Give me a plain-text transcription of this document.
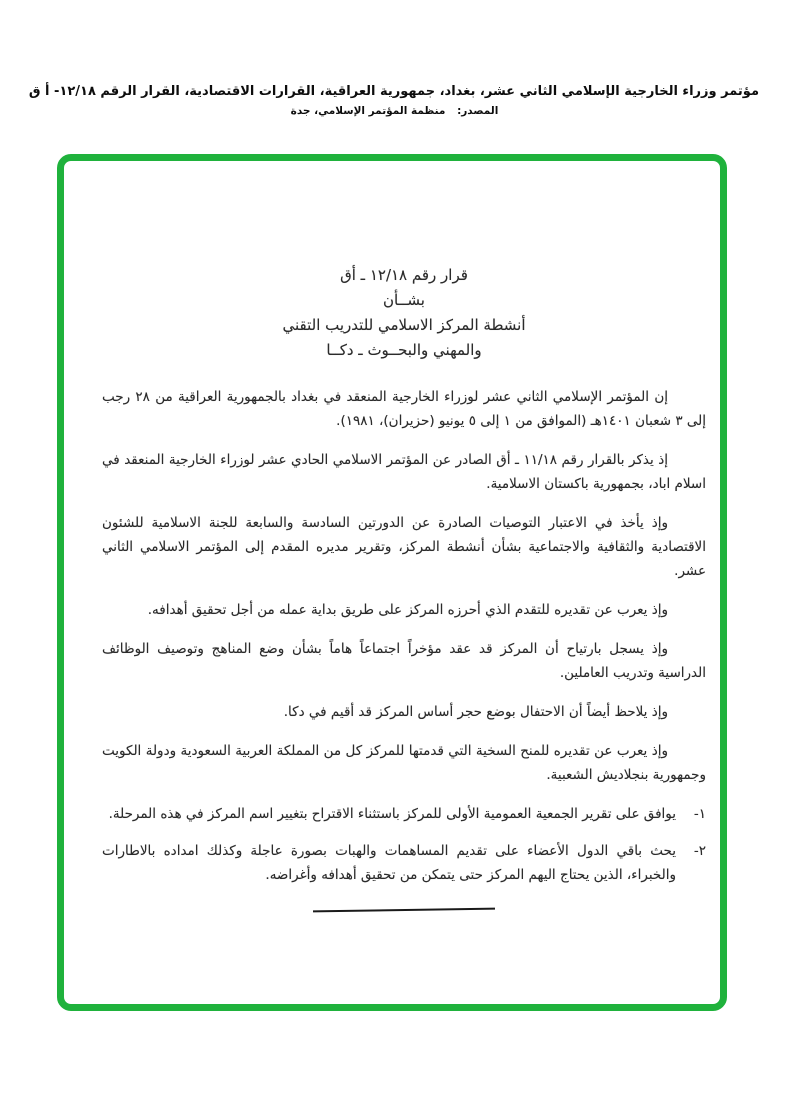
مؤتمر وزراء الخارجية الإسلامي الثاني عشر، بغداد، جمهورية العراقية، القرارات الاقتصادية، القرار الرقم ١٢/١٨- أ ق
المصدر: منظمة المؤتمر الإسلامي، جدة
قرار رقم ١٢/١٨ ـ أق
بشــأن
أنشطة المركز الاسلامي للتدريب التقني
والمهني والبحــوث ـ دكــا

إن المؤتمر الإسلامي الثاني عشر لوزراء الخارجية المنعقد في بغداد بالجمهورية العراقية من ٢٨ رجب إلى ٣ شعبان ١٤٠١هـ (الموافق من ١ إلى ٥ يونيو (حزيران)، ١٩٨١).

إذ يذكر بالقرار رقم ١١/١٨ ـ أق الصادر عن المؤتمر الاسلامي الحادي عشر لوزراء الخارجية المنعقد في اسلام اباد، بجمهورية باكستان الاسلامية.

وإذ يأخذ في الاعتبار التوصيات الصادرة عن الدورتين السادسة والسابعة للجنة الاسلامية للشئون الاقتصادية والثقافية والاجتماعية بشأن أنشطة المركز، وتقرير مديره المقدم إلى المؤتمر الاسلامي الثاني عشر.

وإذ يعرب عن تقديره للتقدم الذي أحرزه المركز على طريق بداية عمله من أجل تحقيق أهدافه.

وإذ يسجل بارتياح أن المركز قد عقد مؤخراً اجتماعاً هاماً بشأن وضع المناهج وتوصيف الوظائف الدراسية وتدريب العاملين.

وإذ يلاحظ أيضاً أن الاحتفال بوضع حجر أساس المركز قد أقيم في دكا.

وإذ يعرب عن تقديره للمنح السخية التي قدمتها للمركز كل من المملكة العربية السعودية ودولة الكويت وجمهورية بنجلاديش الشعبية.

١-
يوافق على تقرير الجمعية العمومية الأولى للمركز باستثناء الاقتراح بتغيير اسم المركز في هذه المرحلة.
٢-
يحث باقي الدول الأعضاء على تقديم المساهمات والهبات بصورة عاجلة وكذلك امداده بالاطارات والخبراء، الذين يحتاج اليهم المركز حتى يتمكن من تحقيق أهدافه وأغراضه.
